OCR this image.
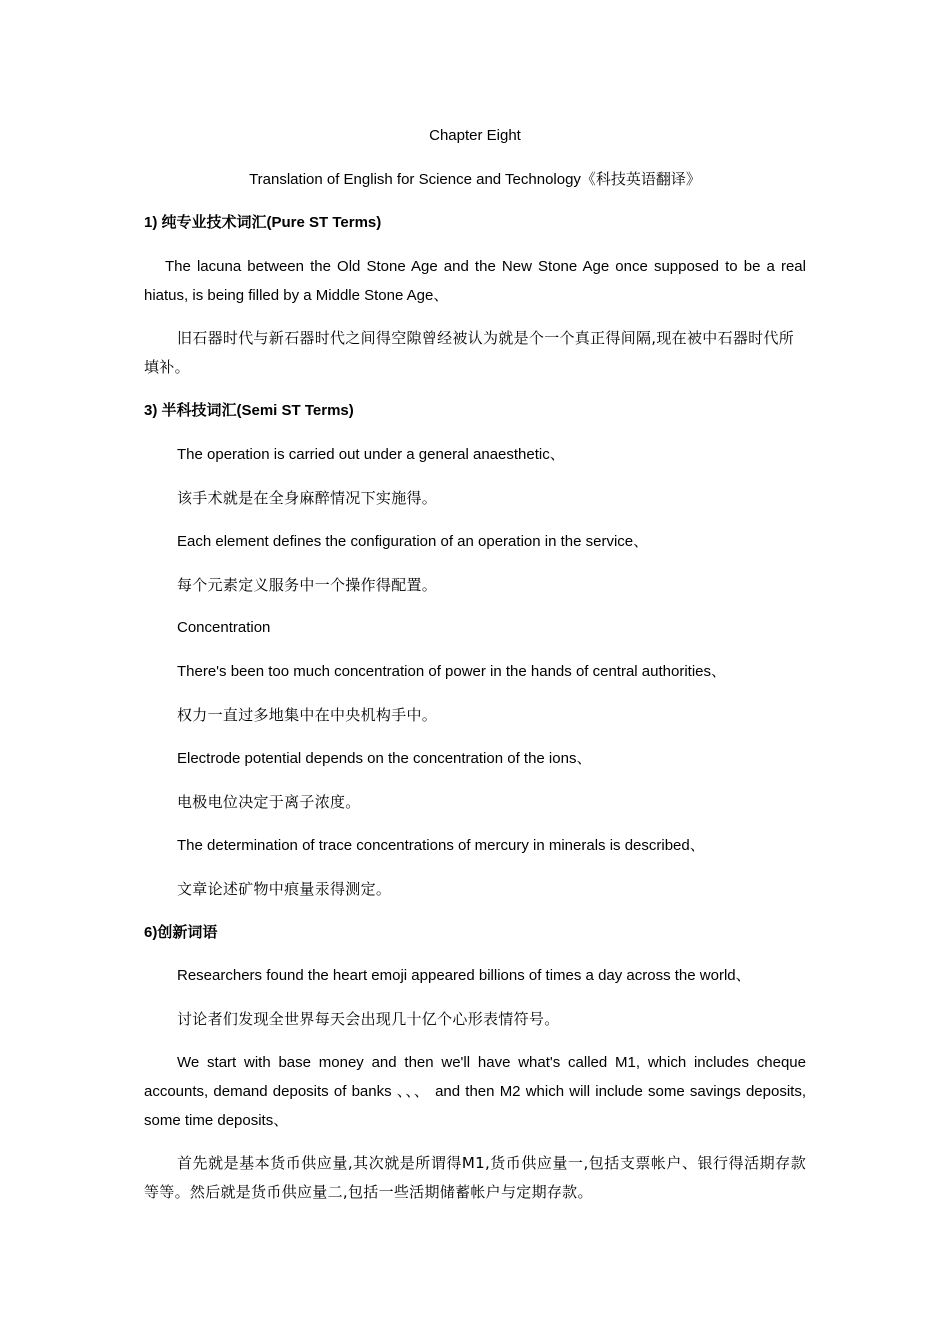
Chapter Eight

Translation of English for Science and Technology《科技英语翻译》

1) 纯专业技术词汇(Pure ST Terms)

The lacuna between the Old Stone Age and the New Stone Age once supposed to be a real hiatus, is being filled by a Middle Stone Age、

旧石器时代与新石器时代之间得空隙曾经被认为就是个一个真正得间隔,现在被中石器时代所填补。

3) 半科技词汇(Semi ST Terms)

The operation is carried out under a general anaesthetic、

该手术就是在全身麻醉情况下实施得。

Each element defines the configuration of an operation in the service、

每个元素定义服务中一个操作得配置。

Concentration

There's been too much concentration of power in the hands of central authorities、

权力一直过多地集中在中央机构手中。

Electrode potential depends on the concentration of the ions、

电极电位决定于离子浓度。

The determination of trace concentrations of mercury in minerals is described、

文章论述矿物中痕量汞得测定。

6)创新词语

Researchers found the heart emoji appeared billions of times a day across the world、

讨论者们发现全世界每天会出现几十亿个心形表情符号。

We start with base money and then we'll have what's called M1, which includes cheque accounts, demand deposits of banks 、、、 and then M2 which will include some savings deposits, some time deposits、

首先就是基本货币供应量,其次就是所谓得M1,货币供应量一,包括支票帐户、银行得活期存款等等。然后就是货币供应量二,包括一些活期储蓄帐户与定期存款。
